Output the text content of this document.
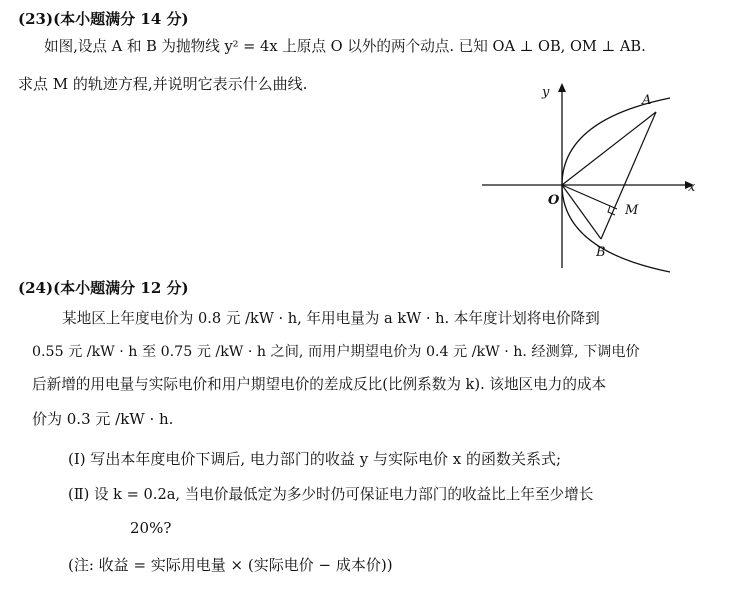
(23)(本小题满分 14 分)
如图,设点 A 和 B 为抛物线 y² = 4x 上原点 O 以外的两个动点. 已知 OA ⊥ OB, OM ⊥ AB.
求点 M 的轨迹方程,并说明它表示什么曲线.	y
x
A
O
M
B
(24)(本小题满分 12 分)
某地区上年度电价为 0.8 元 /kW · h, 年用电量为 a kW · h. 本年度计划将电价降到
0.55 元 /kW · h 至 0.75 元 /kW · h 之间, 而用户期望电价为 0.4 元 /kW · h. 经测算, 下调电价
后新增的用电量与实际电价和用户期望电价的差成反比(比例系数为 k). 该地区电力的成本
价为 0.3 元 /kW · h.
(Ⅰ) 写出本年度电价下调后, 电力部门的收益 y 与实际电价 x 的函数关系式;
(Ⅱ) 设 k = 0.2a, 当电价最低定为多少时仍可保证电力部门的收益比上年至少增长
20%?
(注: 收益 = 实际用电量 × (实际电价 − 成本价))
